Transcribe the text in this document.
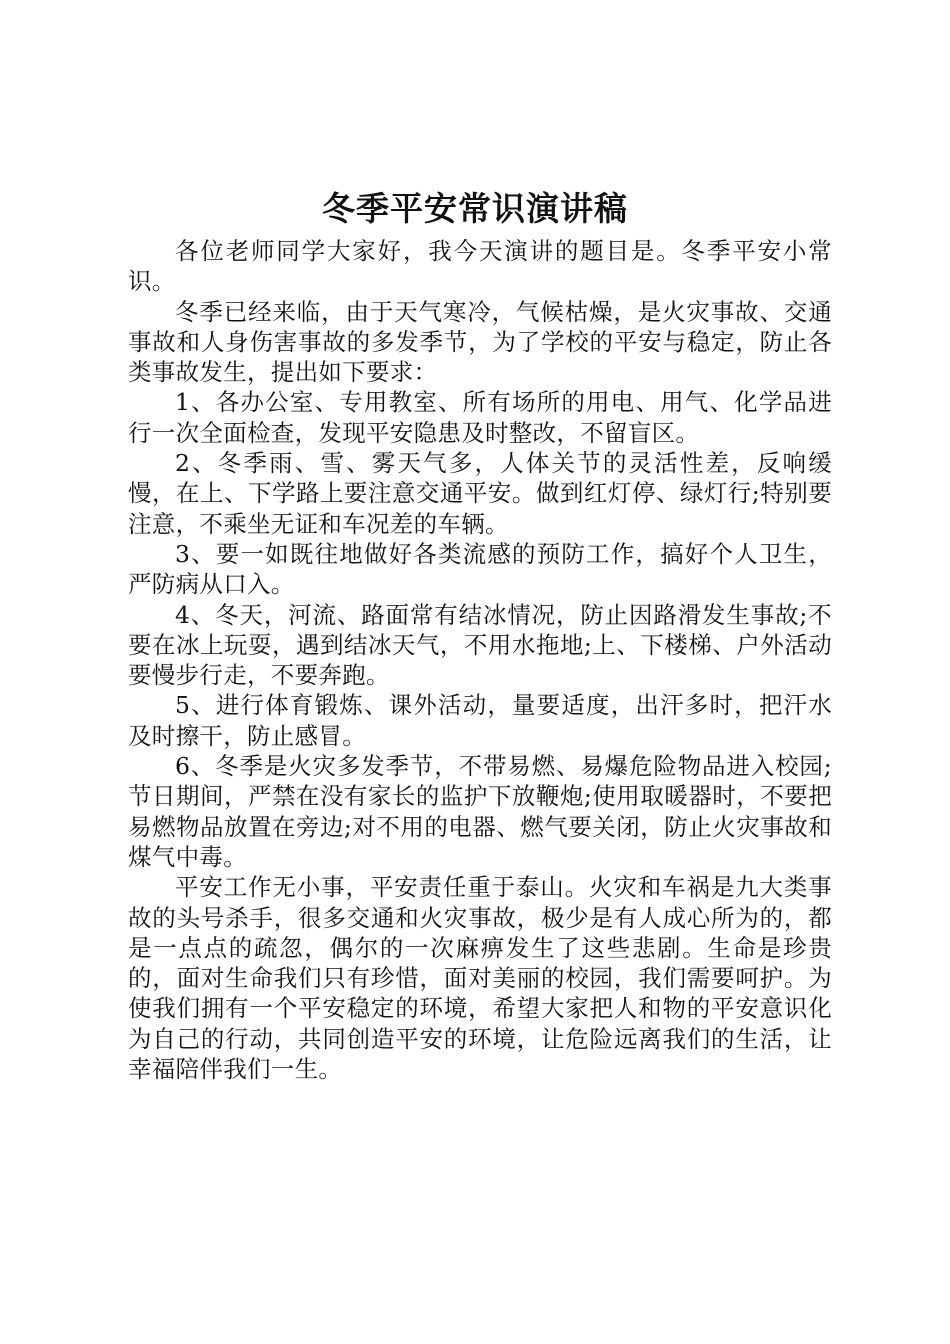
冬季平安常识演讲稿

各位老师同学大家好，我今天演讲的题目是。冬季平安小常识。

冬季已经来临，由于天气寒冷，气候枯燥，是火灾事故、交通事故和人身伤害事故的多发季节，为了学校的平安与稳定，防止各类事故发生，提出如下要求：

1、各办公室、专用教室、所有场所的用电、用气、化学品进行一次全面检查，发现平安隐患及时整改，不留盲区。

2、冬季雨、雪、雾天气多，人体关节的灵活性差，反响缓慢，在上、下学路上要注意交通平安。做到红灯停、绿灯行;特别要注意，不乘坐无证和车况差的车辆。

3、要一如既往地做好各类流感的预防工作，搞好个人卫生，严防病从口入。

4、冬天，河流、路面常有结冰情况，防止因路滑发生事故;不要在冰上玩耍，遇到结冰天气，不用水拖地;上、下楼梯、户外活动要慢步行走，不要奔跑。

5、进行体育锻炼、课外活动，量要适度，出汗多时，把汗水及时擦干，防止感冒。

6、冬季是火灾多发季节，不带易燃、易爆危险物品进入校园;节日期间，严禁在没有家长的监护下放鞭炮;使用取暖器时，不要把易燃物品放置在旁边;对不用的电器、燃气要关闭，防止火灾事故和煤气中毒。

平安工作无小事，平安责任重于泰山。火灾和车祸是九大类事故的头号杀手，很多交通和火灾事故，极少是有人成心所为的，都是一点点的疏忽，偶尔的一次麻痹发生了这些悲剧。生命是珍贵的，面对生命我们只有珍惜，面对美丽的校园，我们需要呵护。为使我们拥有一个平安稳定的环境，希望大家把人和物的平安意识化为自己的行动，共同创造平安的环境，让危险远离我们的生活，让幸福陪伴我们一生。
